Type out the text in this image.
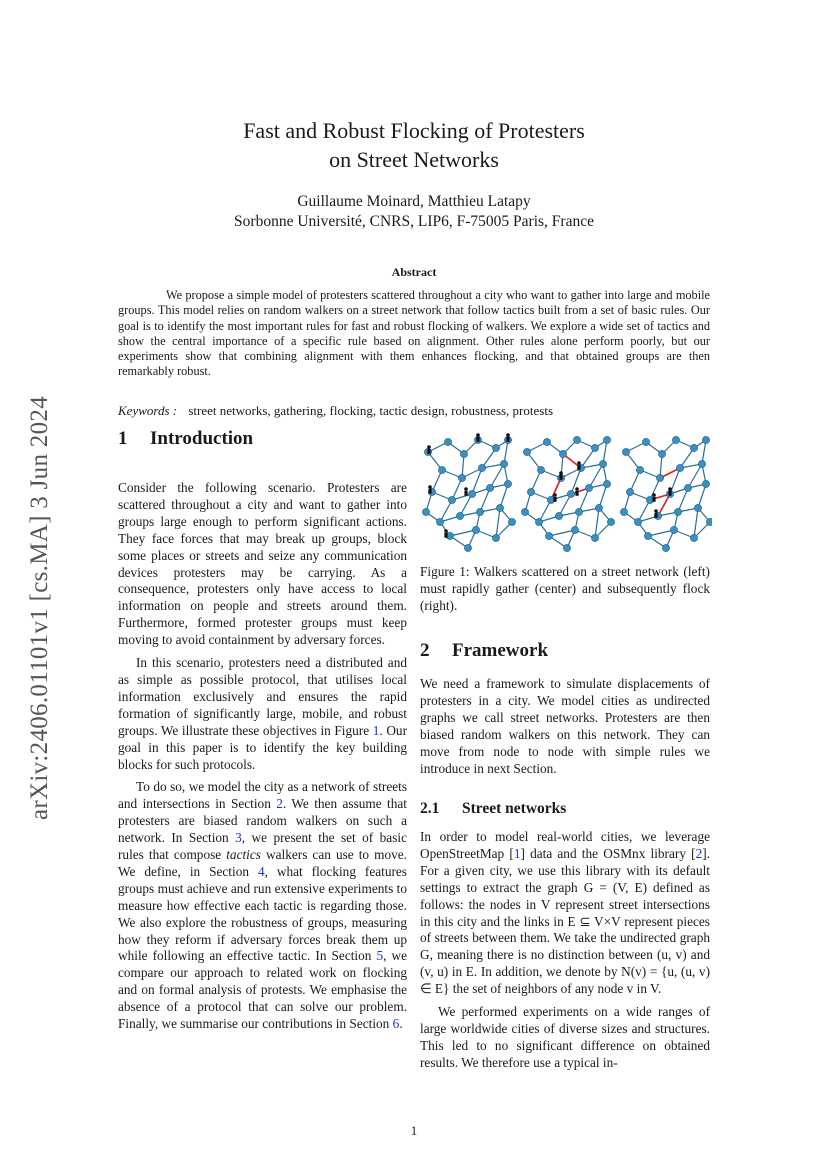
arXiv:2406.01101v1 [cs.MA] 3 Jun 2024
Fast and Robust Flocking of Protesters
on Street Networks
Guillaume Moinard, Matthieu Latapy
Sorbonne Université, CNRS, LIP6, F-75005 Paris, France
Abstract
We propose a simple model of protesters scattered throughout a city who want to gather into large and mobile groups. This model relies on random walkers on a street network that follow tactics built from a set of basic rules. Our goal is to identify the most important rules for fast and robust flocking of walkers. We explore a wide set of tactics and show the central importance of a specific rule based on alignment. Other rules alone perform poorly, but our experiments show that combining alignment with them enhances flocking, and that obtained groups are then remarkably robust.
Keywords : street networks, gathering, flocking, tactic design, robustness, protests
1 Introduction

Consider the following scenario. Protesters are scattered throughout a city and want to gather into groups large enough to perform significant actions. They face forces that may break up groups, block some places or streets and seize any communication devices protesters may be carrying. As a consequence, protesters only have access to local information on people and streets around them. Furthermore, formed protester groups must keep moving to avoid containment by adversary forces.

In this scenario, protesters need a distributed and as simple as possible protocol, that utilises local information exclusively and ensures the rapid formation of significantly large, mobile, and robust groups. We illustrate these objectives in Figure 1. Our goal in this paper is to identify the key building blocks for such protocols.

To do so, we model the city as a network of streets and intersections in Section 2. We then assume that protesters are biased random walkers on such a network. In Section 3, we present the set of basic rules that compose tactics walkers can use to move. We define, in Section 4, what flocking features groups must achieve and run extensive experiments to measure how effective each tactic is regarding those. We also explore the robustness of groups, measuring how they reform if adversary forces break them up while following an effective tactic. In Section 5, we compare our approach to related work on flocking and on formal analysis of protests. We emphasise the absence of a protocol that can solve our problem. Finally, we summarise our contributions in Section 6.

Figure 1: Walkers scattered on a street network (left) must rapidly gather (center) and subsequently flock (right).
2 Framework
We need a framework to simulate displacements of protesters in a city. We model cities as undirected graphs we call street networks. Protesters are then biased random walkers on this network. They can move from node to node with simple rules we introduce in next Section.
2.1 Street networks

In order to model real-world cities, we leverage OpenStreetMap [1] data and the OSMnx library [2]. For a given city, we use this library with its default settings to extract the graph G = (V, E) defined as follows: the nodes in V represent street intersections in this city and the links in E ⊆ V×V represent pieces of streets between them. We take the undirected graph G, meaning there is no distinction between (u, v) and (v, u) in E. In addition, we denote by N(v) = {u, (u, v) ∈ E} the set of neighbors of any node v in V.

We performed experiments on a wide ranges of large worldwide cities of diverse sizes and structures. This led to no significant difference on obtained results. We therefore use a typical in-

1
